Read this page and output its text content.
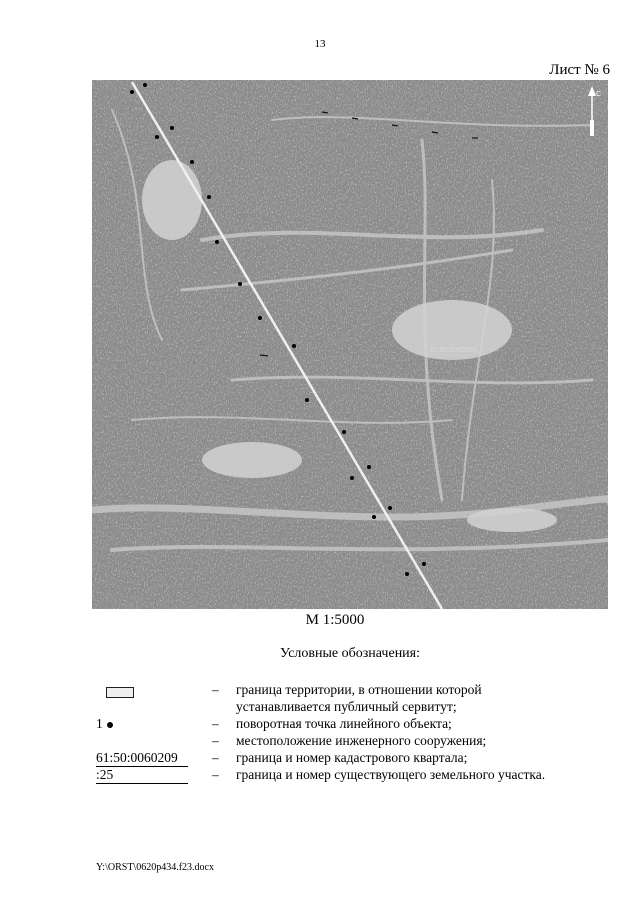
13
Лист № 6
61:50:0060209
С
М 1:5000
Условные обозначения:
– граница территории, в отношении которой
устанавливается публичный сервитут;
1	– поворотная точка линейного объекта;
– местоположение инженерного сооружения;
61:50:0060209	– граница и номер кадастрового квартала;
:25	– граница и номер существующего земельного участка.
Y:\ORST\0620p434.f23.docx
